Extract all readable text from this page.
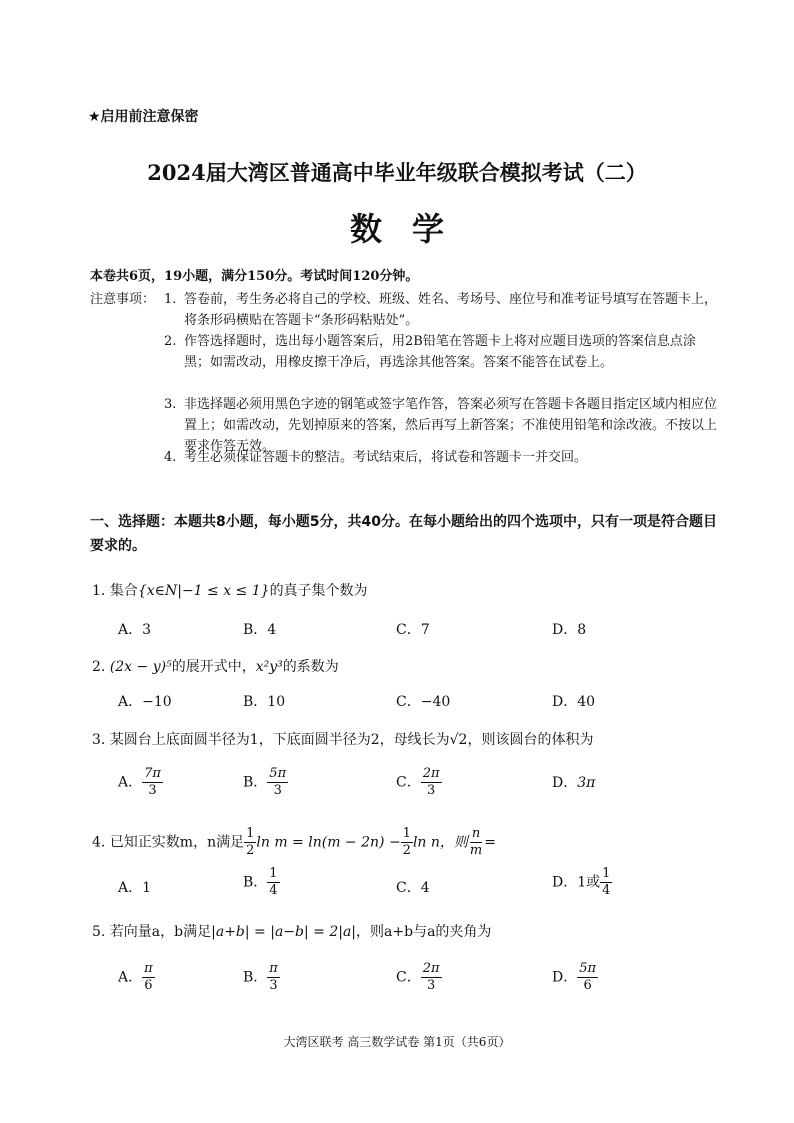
★启用前注意保密
2024届大湾区普通高中毕业年级联合模拟考试（二）
数学
本卷共6页，19小题，满分150分。考试时间120分钟。
注意事项： 1. 答卷前，考生务必将自己的学校、班级、姓名、考场号、座位号和准考证号填写在答题卡上，将条形码横贴在答题卡“条形码粘贴处”。
2. 作答选择题时，选出每小题答案后，用2B铅笔在答题卡上将对应题目选项的答案信息点涂黑；如需改动，用橡皮擦干净后，再选涂其他答案。答案不能答在试卷上。
3. 非选择题必须用黑色字迹的钢笔或签字笔作答，答案必须写在答题卡各题目指定区域内相应位置上；如需改动，先划掉原来的答案，然后再写上新答案；不准使用铅笔和涂改液。不按以上要求作答无效。
4. 考生必须保证答题卡的整洁。考试结束后，将试卷和答题卡一并交回。
一、选择题：本题共8小题，每小题5分，共40分。在每小题给出的四个选项中，只有一项是符合题目要求的。
1. 集合{x∈N|−1 ≤ x ≤ 1}的真子集个数为
A．3	B．4	C．7	D．8
2. (2x − y)⁵的展开式中，x²y³的系数为
A．−10	B．10	C．−40	D．40
3. 某圆台上底面圆半径为1，下底面圆半径为2，母线长为√2，则该圆台的体积为
A． $\frac{7\pi}{3}$	B． $\frac{5\pi}{3}$	C． $\frac{2\pi}{3}$	D．3π
4. 已知正实数m，n满足 $\frac{1}{2}$ $\ln m = \ln(m - 2n) - \frac{1}{2}$ ln n，则 $\frac{n}{m}$ =
A．1	B． $\frac{1}{4}$	C．4	D．1或 $\frac{1}{4}$
5. 若向量a，b满足|a+b| = |a−b| = 2|a|，则a+b与a的夹角为
A． $\frac{\pi}{6}$	B． $\frac{\pi}{3}$	C． $\frac{2\pi}{3}$	D． $\frac{5\pi}{6}$
大湾区联考 高三数学试卷 第1页（共6页）
